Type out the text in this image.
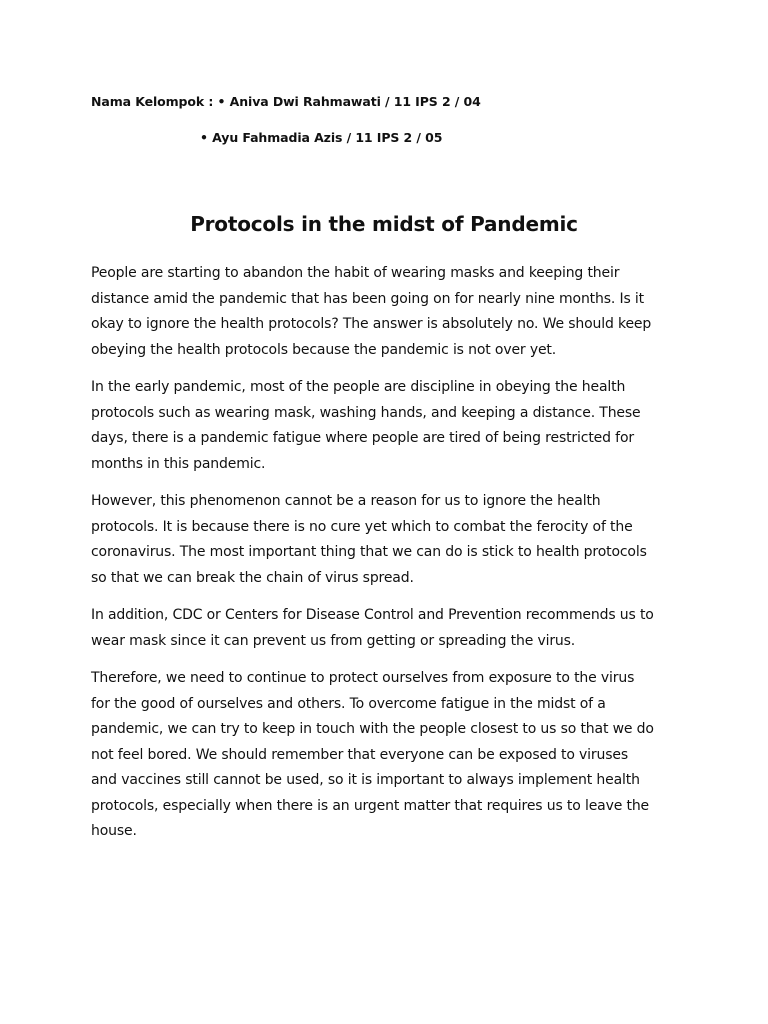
Nama Kelompok : • Aniva Dwi Rahmawati / 11 IPS 2 / 04
• Ayu Fahmadia Azis / 11 IPS 2 / 05
Protocols in the midst of Pandemic
People are starting to abandon the habit of wearing masks and keeping their
distance amid the pandemic that has been going on for nearly nine months. Is it
okay to ignore the health protocols? The answer is absolutely no. We should keep
obeying the health protocols because the pandemic is not over yet.
In the early pandemic, most of the people are discipline in obeying the health
protocols such as wearing mask, washing hands, and keeping a distance. These
days, there is a pandemic fatigue where people are tired of being restricted for
months in this pandemic.
However, this phenomenon cannot be a reason for us to ignore the health
protocols. It is because there is no cure yet which to combat the ferocity of the
coronavirus. The most important thing that we can do is stick to health protocols
so that we can break the chain of virus spread.
In addition, CDC or Centers for Disease Control and Prevention recommends us to
wear mask since it can prevent us from getting or spreading the virus.
Therefore, we need to continue to protect ourselves from exposure to the virus
for the good of ourselves and others. To overcome fatigue in the midst of a
pandemic, we can try to keep in touch with the people closest to us so that we do
not feel bored. We should remember that everyone can be exposed to viruses
and vaccines still cannot be used, so it is important to always implement health
protocols, especially when there is an urgent matter that requires us to leave the
house.
